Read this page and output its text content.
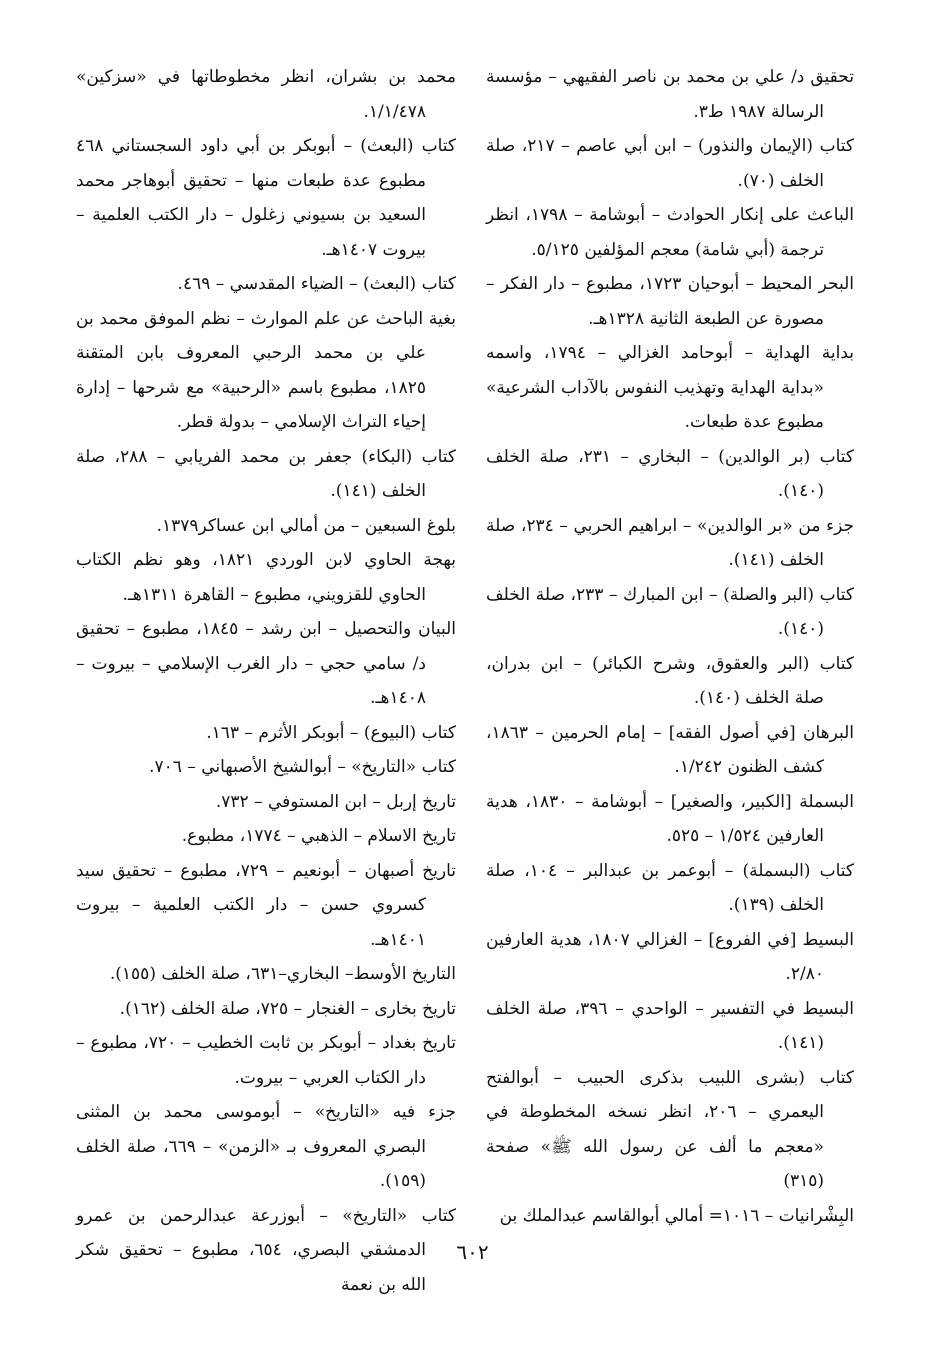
تحقيق د/ علي بن محمد بن ناصر الفقيهي – مؤسسة الرسالة ١٩٨٧ ط٣.

كتاب (الإيمان والنذور) – ابن أبي عاصم – ٢١٧، صلة الخلف (٧٠).

الباعث على إنكار الحوادث – أبوشامة – ١٧٩٨، انظر ترجمة (أبي شامة) معجم المؤلفين ٥/١٢٥.

البحر المحيط – أبوحيان ١٧٢٣، مطبوع – دار الفكر – مصورة عن الطبعة الثانية ١٣٢٨هـ.

بداية الهداية – أبوحامد الغزالي – ١٧٩٤، واسمه «بداية الهداية وتهذيب النفوس بالآداب الشرعية» مطبوع عدة طبعات.

كتاب (بر الوالدين) – البخاري – ٢٣١، صلة الخلف (١٤٠).

جزء من «بر الوالدين» – ابراهيم الحربي – ٢٣٤، صلة الخلف (١٤١).

كتاب (البر والصلة) – ابن المبارك – ٢٣٣، صلة الخلف (١٤٠).

كتاب (البر والعقوق، وشرح الكبائر) – ابن بدران، صلة الخلف (١٤٠).

البرهان [في أصول الفقه] – إمام الحرمين – ١٨٦٣، كشف الظنون ١/٢٤٢.

البسملة [الكبير، والصغير] – أبوشامة – ١٨٣٠، هدية العارفين ١/٥٢٤ – ٥٢٥.

كتاب (البسملة) – أبوعمر بن عبدالبر – ١٠٤، صلة الخلف (١٣٩).

البسيط [في الفروع] – الغزالي ١٨٠٧، هدية العارفين ٢/٨٠.

البسيط في التفسير – الواحدي – ٣٩٦، صلة الخلف (١٤١).

كتاب (بشرى اللبيب بذكرى الحبيب – أبوالفتح اليعمري – ٢٠٦، انظر نسخه المخطوطة في «معجم ما ألف عن رسول الله ﷺ» صفحة (٣١٥)

البِشْرانيات – ١٠١٦= أمالي أبوالقاسم عبدالملك بن

محمد بن بشران، انظر مخطوطاتها في «سزكين» ١/١/٤٧٨.

كتاب (البعث) – أبوبكر بن أبي داود السجستاني ٤٦٨ مطبوع عدة طبعات منها – تحقيق أبوهاجر محمد السعيد بن بسيوني زغلول – دار الكتب العلمية – بيروت ١٤٠٧هـ.

كتاب (البعث) – الضياء المقدسي – ٤٦٩.

بغية الباحث عن علم الموارث – نظم الموفق محمد بن علي بن محمد الرحبي المعروف بابن المتقنة ١٨٢٥، مطبوع باسم «الرحبية» مع شرحها – إدارة إحياء التراث الإسلامي – بدولة قطر.

كتاب (البكاء) جعفر بن محمد الفريابي – ٢٨٨، صلة الخلف (١٤١).

بلوغ السبعين – من أمالي ابن عساكر١٣٧٩.

بهجة الحاوي لابن الوردي ١٨٢١، وهو نظم الكتاب الحاوي للقزويني، مطبوع – القاهرة ١٣١١هـ.

البيان والتحصيل – ابن رشد – ١٨٤٥، مطبوع – تحقيق د/ سامي حجي – دار الغرب الإسلامي – بيروت – ١٤٠٨هـ.

كتاب (البيوع) – أبوبكر الأثرم – ١٦٣.

كتاب «التاريخ» – أبوالشيخ الأصبهاني – ٧٠٦.

تاريخ إربل – ابن المستوفي – ٧٣٢.

تاريخ الاسلام – الذهبي – ١٧٧٤، مطبوع.

تاريخ أصبهان – أبونعيم – ٧٢٩، مطبوع – تحقيق سيد كسروي حسن – دار الكتب العلمية – بيروت ١٤٠١هـ.

التاريخ الأوسط– البخاري–٦٣١، صلة الخلف (١٥٥).

تاريخ بخارى – الغنجار – ٧٢٥، صلة الخلف (١٦٢).

تاريخ بغداد – أبوبكر بن ثابت الخطيب – ٧٢٠، مطبوع – دار الكتاب العربي – بيروت.

جزء فيه «التاريخ» – أبوموسى محمد بن المثنى البصري المعروف بـ «الزمن» – ٦٦٩، صلة الخلف (١٥٩).

كتاب «التاريخ» – أبوزرعة عبدالرحمن بن عمرو الدمشقي البصري، ٦٥٤، مطبوع – تحقيق شكر الله بن نعمة

٦٠٢
